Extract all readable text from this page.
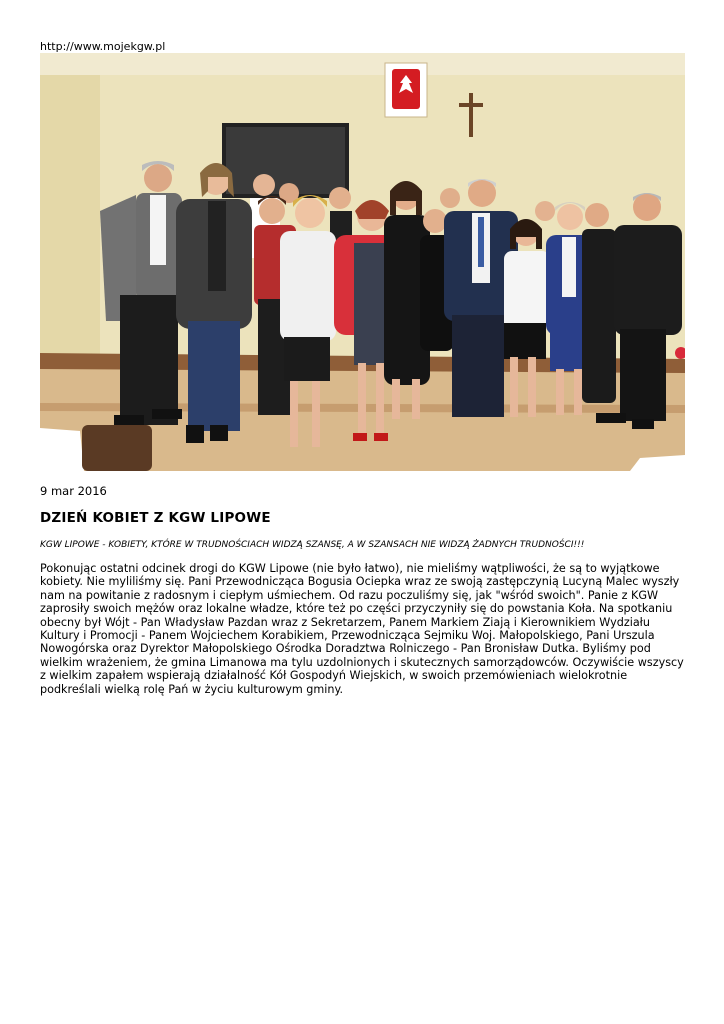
http://www.mojekgw.pl
9 mar 2016
DZIEŃ KOBIET Z KGW LIPOWE
KGW LIPOWE - KOBIETY, KTÓRE W TRUDNOŚCIACH WIDZĄ SZANSĘ, A W SZANSACH NIE WIDZĄ ŻADNYCH TRUDNOŚCI!!!
Pokonując ostatni odcinek drogi do KGW Lipowe (nie było łatwo), nie mieliśmy wątpliwości, że są to wyjątkowe kobiety. Nie myliliśmy się. Pani Przewodnicząca Bogusia Ociepka wraz ze swoją zastępczynią Lucyną Malec wyszły nam na powitanie z radosnym i ciepłym uśmiechem. Od razu poczuliśmy się, jak "wśród swoich". Panie z KGW zaprosiły swoich mężów oraz lokalne władze, które też po części przyczyniły się do powstania Koła. Na spotkaniu obecny był Wójt - Pan Władysław Pazdan wraz z Sekretarzem, Panem Markiem Ziają i Kierownikiem Wydziału Kultury i Promocji - Panem Wojciechem Korabikiem, Przewodnicząca Sejmiku Woj. Małopolskiego, Pani Urszula Nowogórska oraz Dyrektor Małopolskiego Ośrodka Doradztwa Rolniczego - Pan Bronisław Dutka. Byliśmy pod wielkim wrażeniem, że gmina Limanowa ma tylu uzdolnionych i skutecznych samorządowców. Oczywiście wszyscy z wielkim zapałem wspierają działalność Kół Gospodyń Wiejskich, w swoich przemówieniach wielokrotnie podkreślali wielką rolę Pań w życiu kulturowym gminy.
